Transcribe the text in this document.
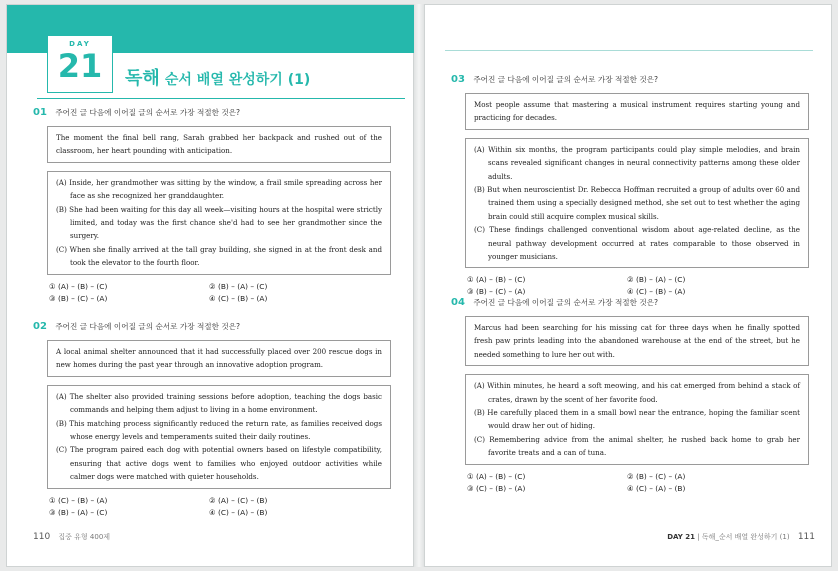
DAY
21	독해 순서 배열 완성하기 (1)
01 주어진 글 다음에 이어질 글의 순서로 가장 적절한 것은?
The moment the final bell rang, Sarah grabbed her backpack and rushed out of the classroom, her heart pounding with anticipation.
(A) Inside, her grandmother was sitting by the window, a frail smile spreading across her face as she recognized her granddaughter.
(B) She had been waiting for this day all week—visiting hours at the hospital were strictly limited, and today was the first chance she'd had to see her grandmother since the surgery.
(C) When she finally arrived at the tall gray building, she signed in at the front desk and took the elevator to the fourth floor.
① (A) – (B) – (C)	② (B) – (A) – (C)
③ (B) – (C) – (A)	④ (C) – (B) – (A)
02 주어진 글 다음에 이어질 글의 순서로 가장 적절한 것은?
A local animal shelter announced that it had successfully placed over 200 rescue dogs in new homes during the past year through an innovative adoption program.
(A) The shelter also provided training sessions before adoption, teaching the dogs basic commands and helping them adjust to living in a home environment.
(B) This matching process significantly reduced the return rate, as families received dogs whose energy levels and temperaments suited their daily routines.
(C) The program paired each dog with potential owners based on lifestyle compatibility, ensuring that active dogs went to families who enjoyed outdoor activities while calmer dogs were matched with quieter households.
① (C) – (B) – (A)	② (A) – (C) – (B)
③ (B) – (A) – (C)	④ (C) – (A) – (B)
110 집중 유형 400제
03 주어진 글 다음에 이어질 글의 순서로 가장 적절한 것은?
Most people assume that mastering a musical instrument requires starting young and practicing for decades.
(A) Within six months, the program participants could play simple melodies, and brain scans revealed significant changes in neural connectivity patterns among these older adults.
(B) But when neuroscientist Dr. Rebecca Hoffman recruited a group of adults over 60 and trained them using a specially designed method, she set out to test whether the aging brain could still acquire complex musical skills.
(C) These findings challenged conventional wisdom about age-related decline, as the neural pathway development occurred at rates comparable to those observed in younger musicians.
① (A) – (B) – (C)	② (B) – (A) – (C)
③ (B) – (C) – (A)	④ (C) – (B) – (A)
04 주어진 글 다음에 이어질 글의 순서로 가장 적절한 것은?
Marcus had been searching for his missing cat for three days when he finally spotted fresh paw prints leading into the abandoned warehouse at the end of the street, but he needed something to lure her out with.
(A) Within minutes, he heard a soft meowing, and his cat emerged from behind a stack of crates, drawn by the scent of her favorite food.
(B) He carefully placed them in a small bowl near the entrance, hoping the familiar scent would draw her out of hiding.
(C) Remembering advice from the animal shelter, he rushed back home to grab her favorite treats and a can of tuna.
① (A) – (B) – (C)	② (B) – (C) – (A)
③ (C) – (B) – (A)	④ (C) – (A) – (B)
DAY 21 | 독해_순서 배열 완성하기 (1) 111
